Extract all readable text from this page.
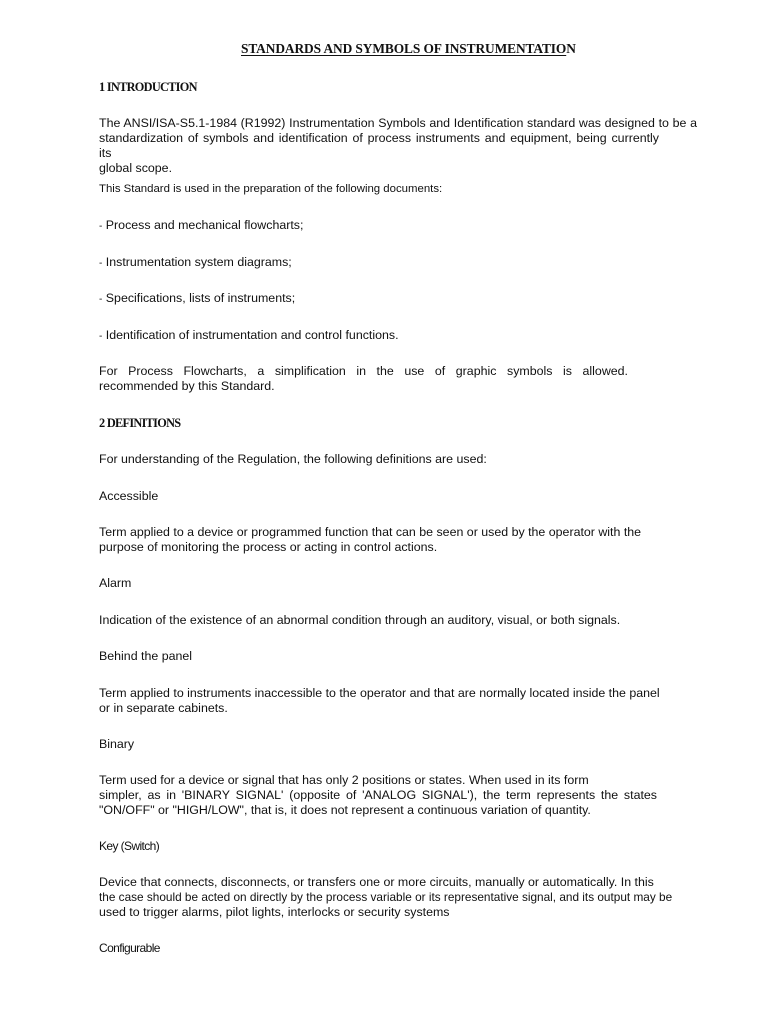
STANDARDS AND SYMBOLS OF INSTRUMENTATION
1 INTRODUCTION
The ANSI/ISA-S5.1-1984 (R1992) Instrumentation Symbols and Identification standard was designed to be a
standardization of symbols and identification of process instruments and equipment, being currently its
global scope.
This Standard is used in the preparation of the following documents:
- Process and mechanical flowcharts;
- Instrumentation system diagrams;
- Specifications, lists of instruments;
- Identification of instrumentation and control functions.
For Process Flowcharts, a simplification in the use of graphic symbols is allowed.
recommended by this Standard.
2 DEFINITIONS
For understanding of the Regulation, the following definitions are used:
Accessible
Term applied to a device or programmed function that can be seen or used by the operator with the
purpose of monitoring the process or acting in control actions.
Alarm
Indication of the existence of an abnormal condition through an auditory, visual, or both signals.
Behind the panel
Term applied to instruments inaccessible to the operator and that are normally located inside the panel
or in separate cabinets.
Binary
Term used for a device or signal that has only 2 positions or states. When used in its form
simpler, as in 'BINARY SIGNAL' (opposite of 'ANALOG SIGNAL'), the term represents the states
"ON/OFF" or "HIGH/LOW", that is, it does not represent a continuous variation of quantity.
Key (Switch)
Device that connects, disconnects, or transfers one or more circuits, manually or automatically. In this
the case should be acted on directly by the process variable or its representative signal, and its output may be
used to trigger alarms, pilot lights, interlocks or security systems
Configurable
